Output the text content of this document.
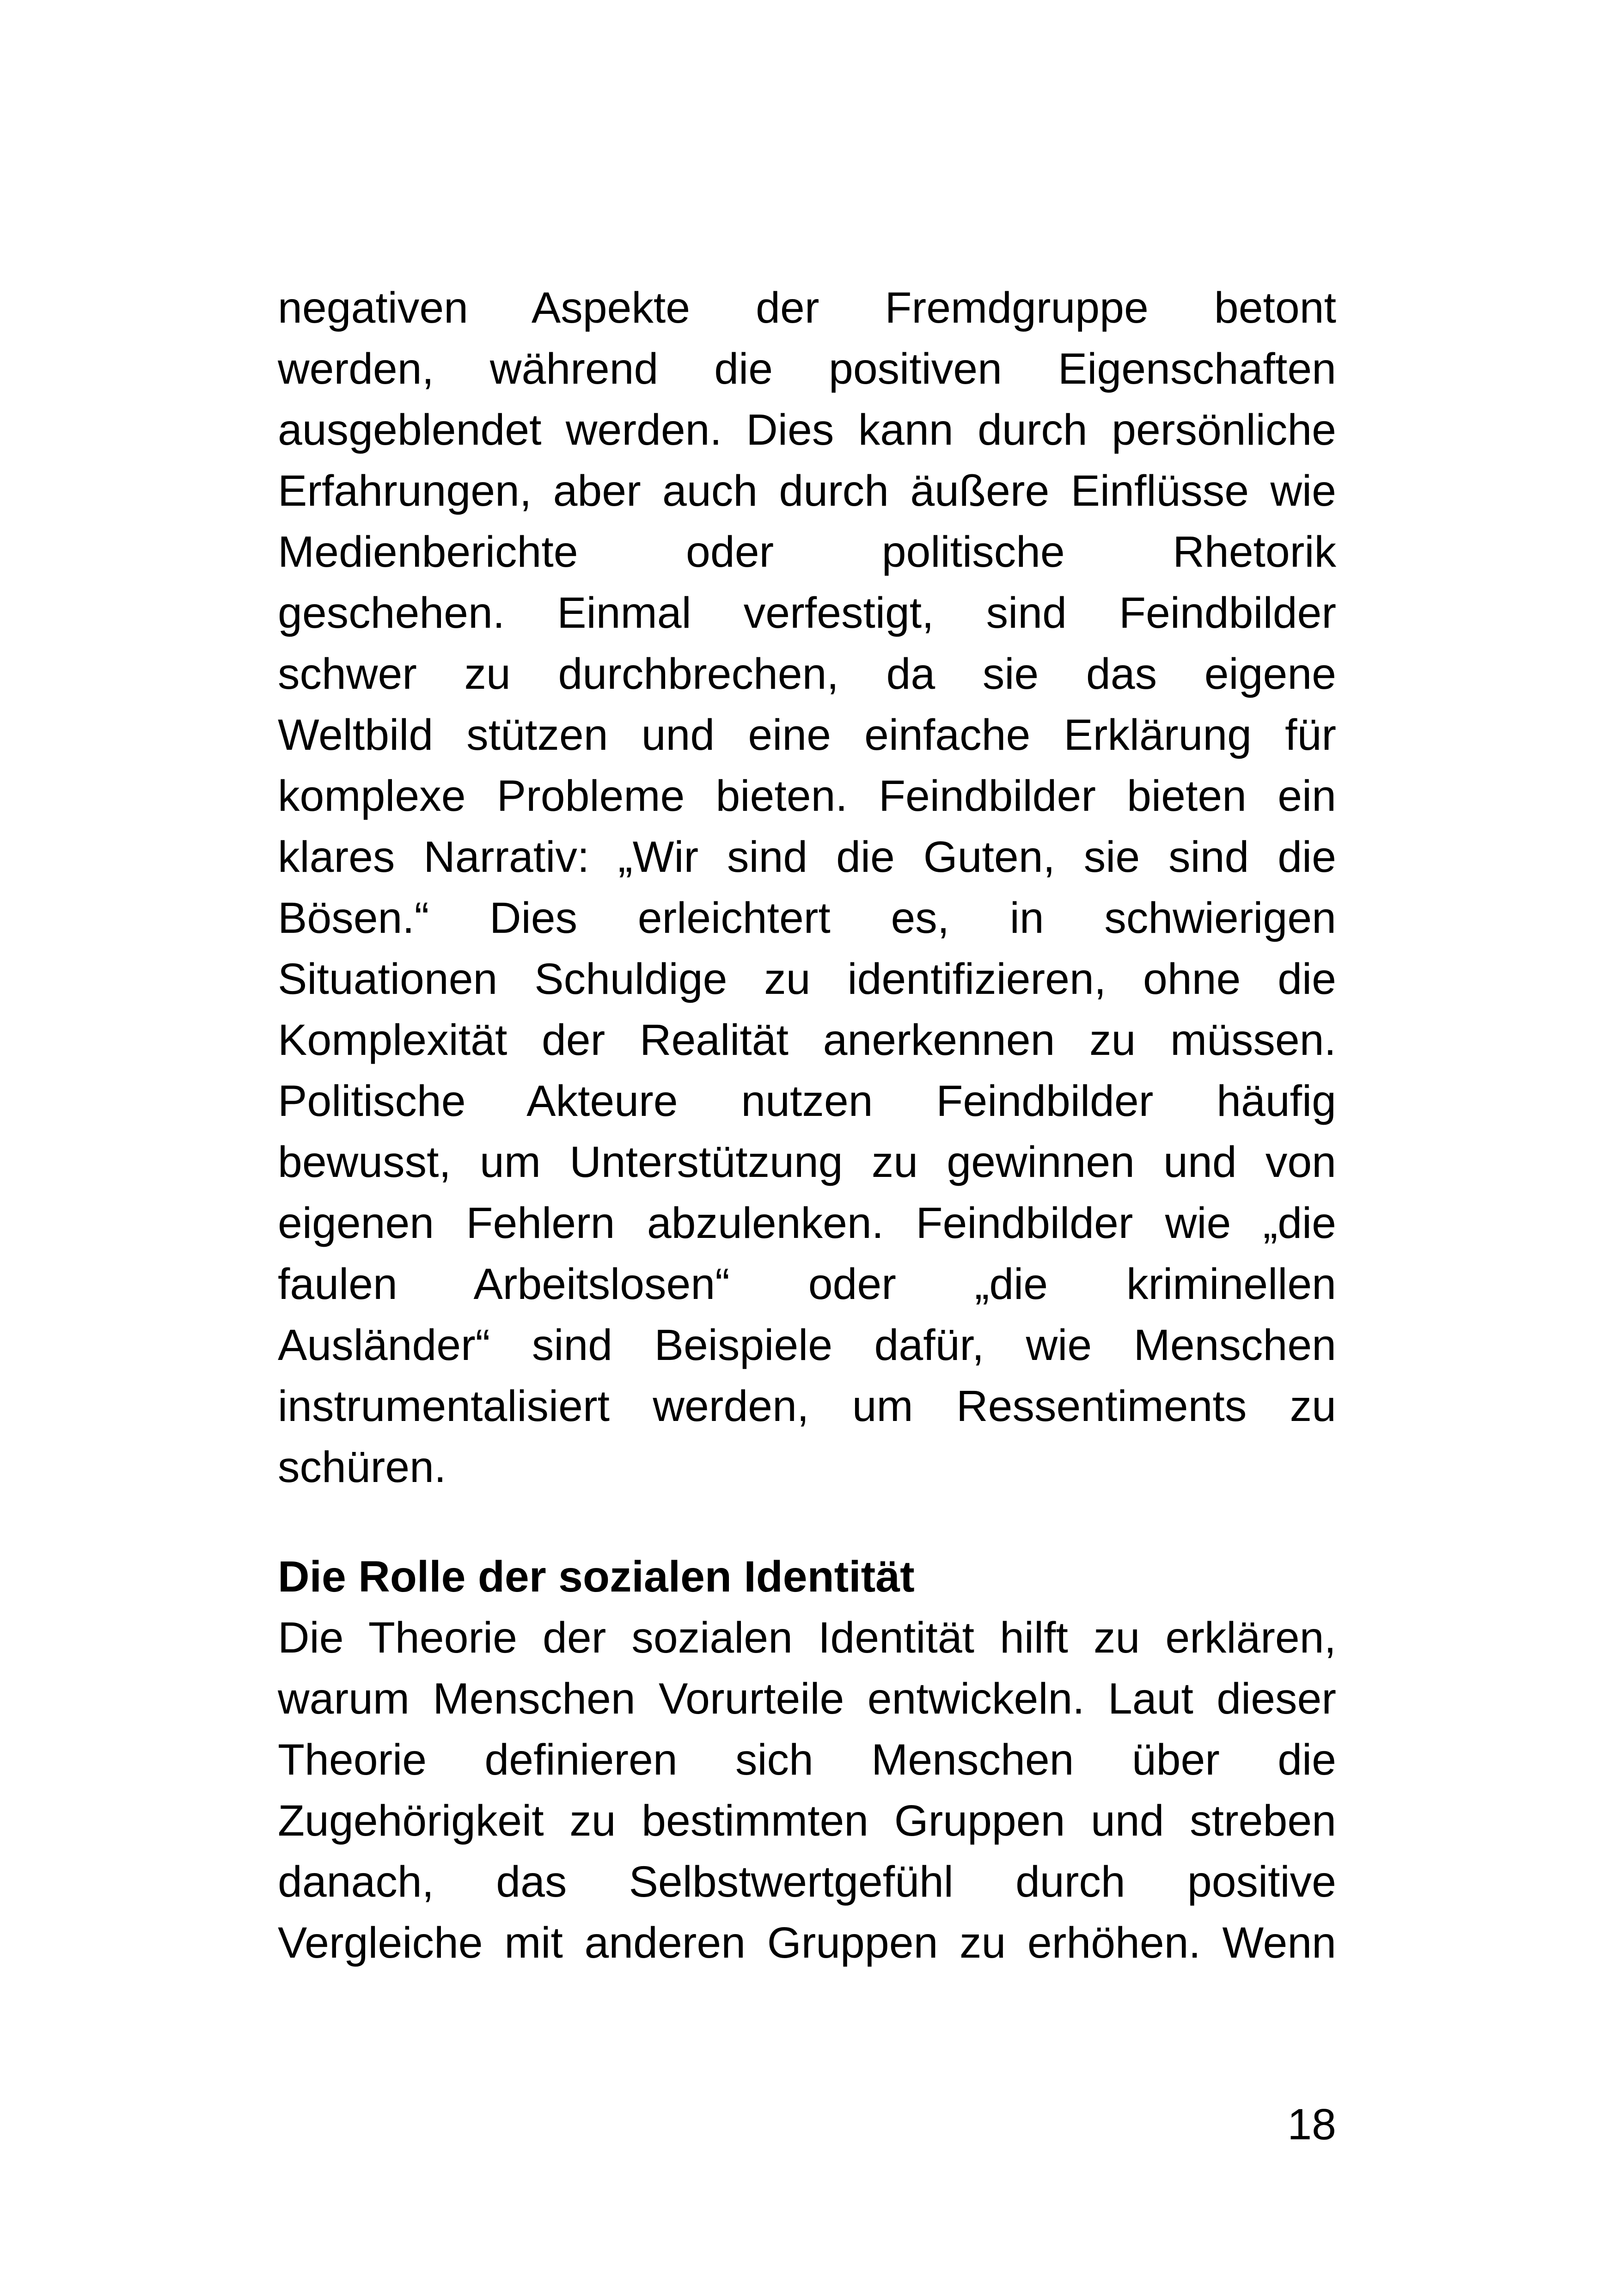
negativen Aspekte der Fremdgruppe betont
werden, während die positiven Eigenschaften
ausgeblendet werden. Dies kann durch persönliche
Erfahrungen, aber auch durch äußere Einflüsse wie
Medienberichte oder politische Rhetorik
geschehen. Einmal verfestigt, sind Feindbilder
schwer zu durchbrechen, da sie das eigene
Weltbild stützen und eine einfache Erklärung für
komplexe Probleme bieten. Feindbilder bieten ein
klares Narrativ: „Wir sind die Guten, sie sind die
Bösen.“ Dies erleichtert es, in schwierigen
Situationen Schuldige zu identifizieren, ohne die
Komplexität der Realität anerkennen zu müssen.
Politische Akteure nutzen Feindbilder häufig
bewusst, um Unterstützung zu gewinnen und von
eigenen Fehlern abzulenken. Feindbilder wie „die
faulen Arbeitslosen“ oder „die kriminellen
Ausländer“ sind Beispiele dafür, wie Menschen
instrumentalisiert werden, um Ressentiments zu
schüren.
Die Rolle der sozialen Identität
Die Theorie der sozialen Identität hilft zu erklären,
warum Menschen Vorurteile entwickeln. Laut dieser
Theorie definieren sich Menschen über die
Zugehörigkeit zu bestimmten Gruppen und streben
danach, das Selbstwertgefühl durch positive
Vergleiche mit anderen Gruppen zu erhöhen. Wenn
18
